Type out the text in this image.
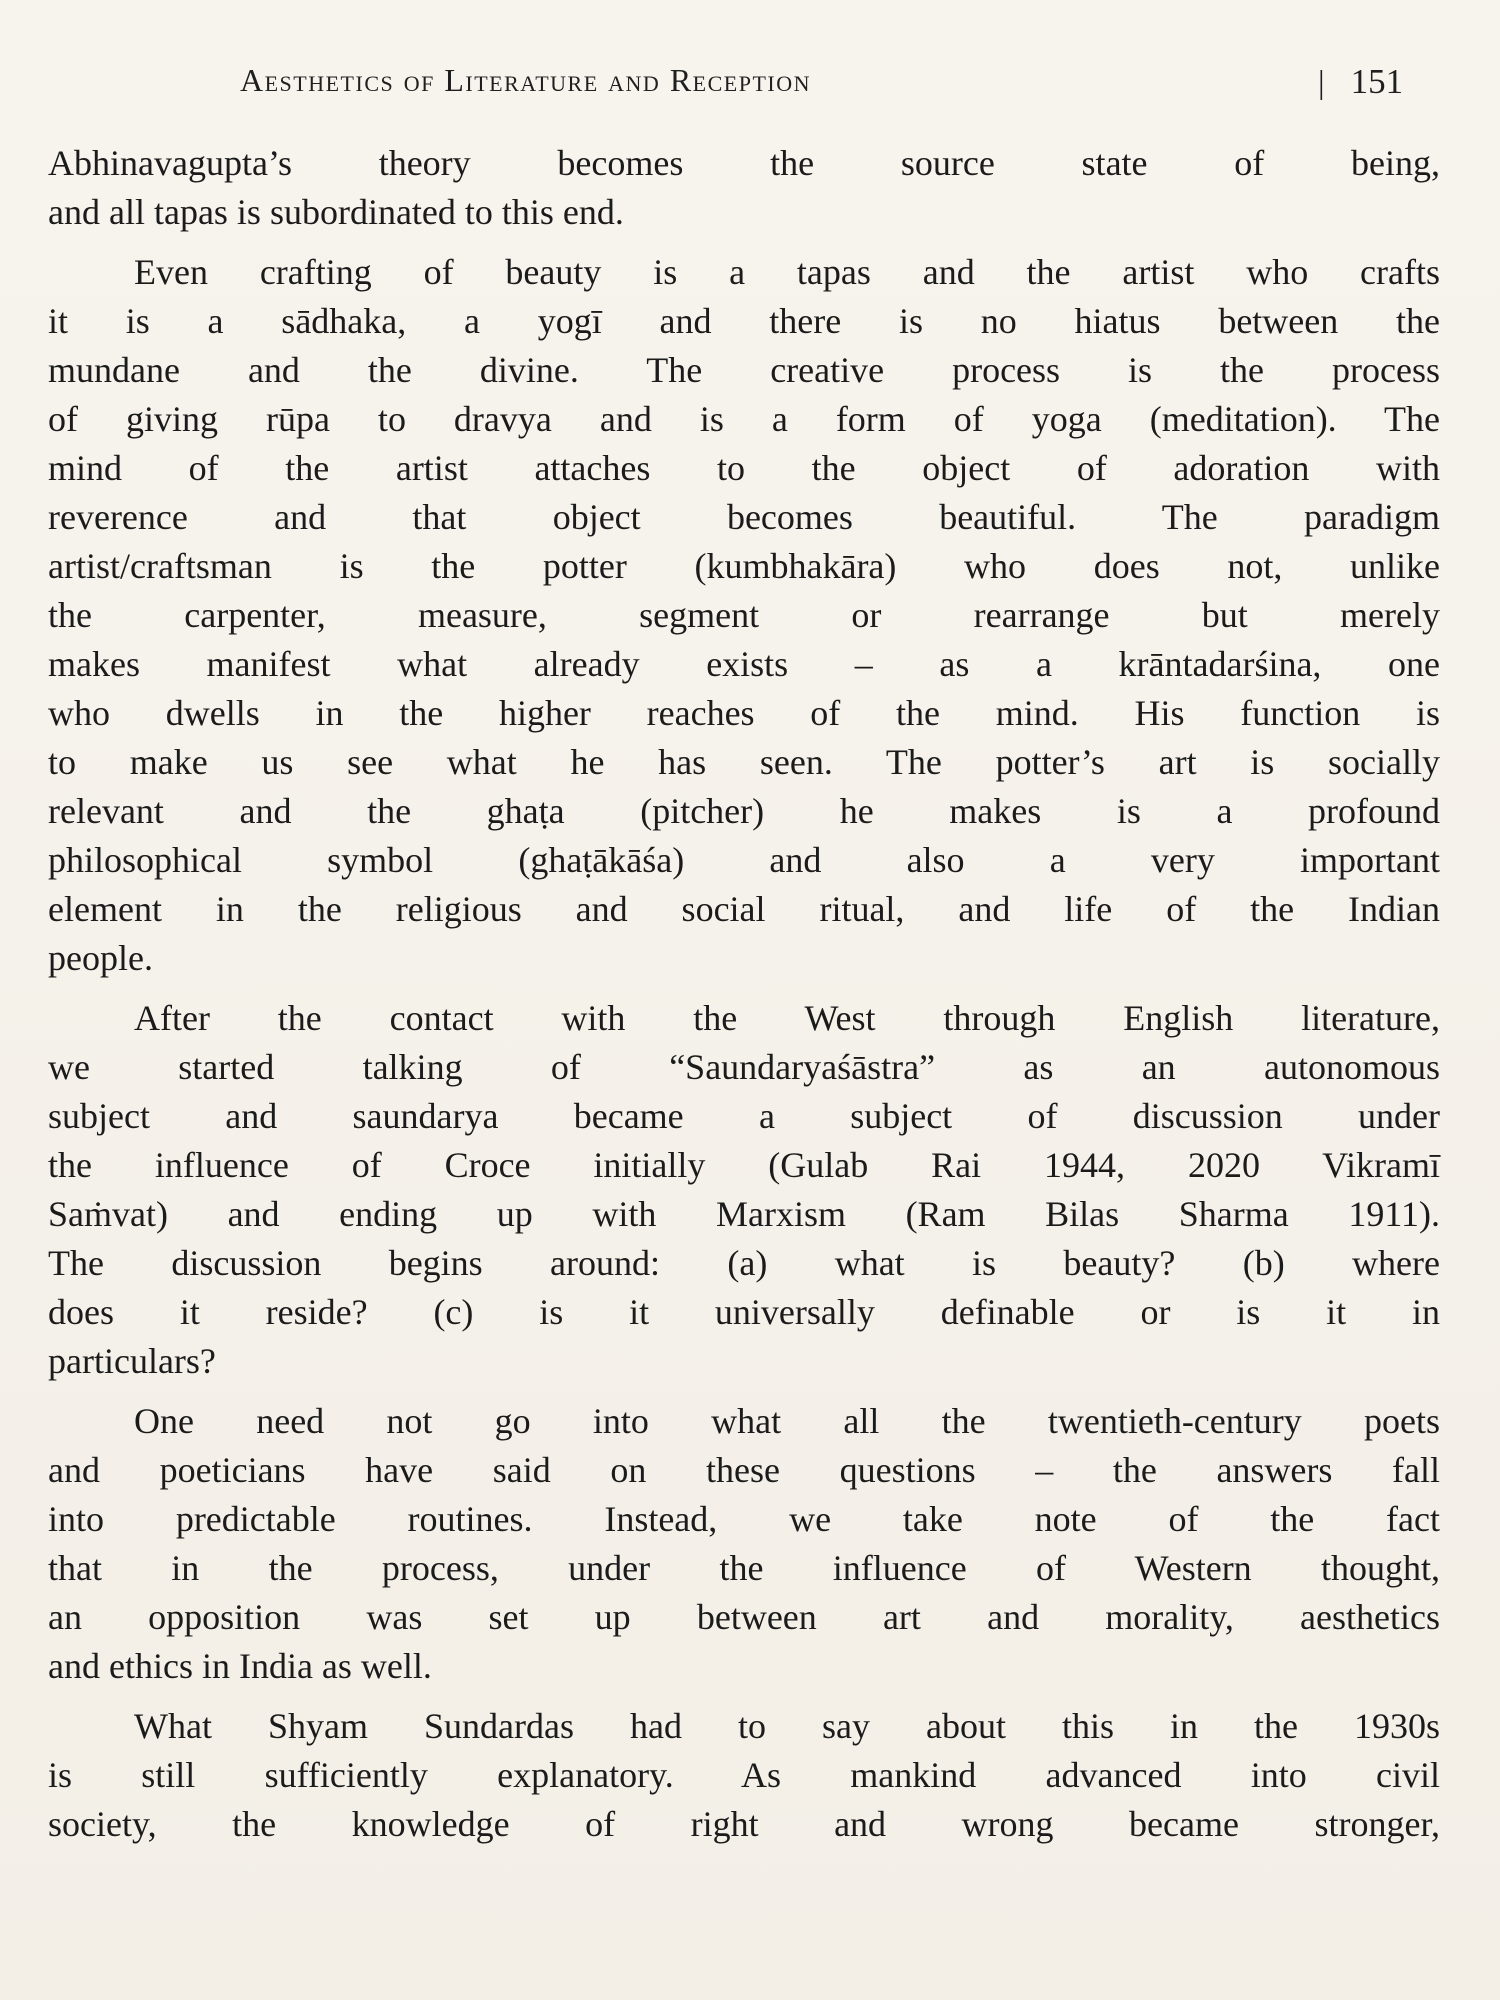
Aesthetics of Literature and Reception	| 151
Abhinavagupta’s theory becomes the source state of being,
and all tapas is subordinated to this end.
Even crafting of beauty is a tapas and the artist who crafts
it is a sādhaka, a yogī and there is no hiatus between the
mundane and the divine. The creative process is the process
of giving rūpa to dravya and is a form of yoga (meditation). The
mind of the artist attaches to the object of adoration with
reverence and that object becomes beautiful. The paradigm
artist/craftsman is the potter (kumbhakāra) who does not, unlike
the carpenter, measure, segment or rearrange but merely
makes manifest what already exists – as a krāntadarśina, one
who dwells in the higher reaches of the mind. His function is
to make us see what he has seen. The potter’s art is socially
relevant and the ghaṭa (pitcher) he makes is a profound
philosophical symbol (ghaṭākāśa) and also a very important
element in the religious and social ritual, and life of the Indian
people.
After the contact with the West through English literature,
we started talking of “Saundaryaśāstra” as an autonomous
subject and saundarya became a subject of discussion under
the influence of Croce initially (Gulab Rai 1944, 2020 Vikramī
Saṁvat) and ending up with Marxism (Ram Bilas Sharma 1911).
The discussion begins around: (a) what is beauty? (b) where
does it reside? (c) is it universally definable or is it in
particulars?
One need not go into what all the twentieth-century poets
and poeticians have said on these questions – the answers fall
into predictable routines. Instead, we take note of the fact
that in the process, under the influence of Western thought,
an opposition was set up between art and morality, aesthetics
and ethics in India as well.
What Shyam Sundardas had to say about this in the 1930s
is still sufficiently explanatory. As mankind advanced into civil
society, the knowledge of right and wrong became stronger,
